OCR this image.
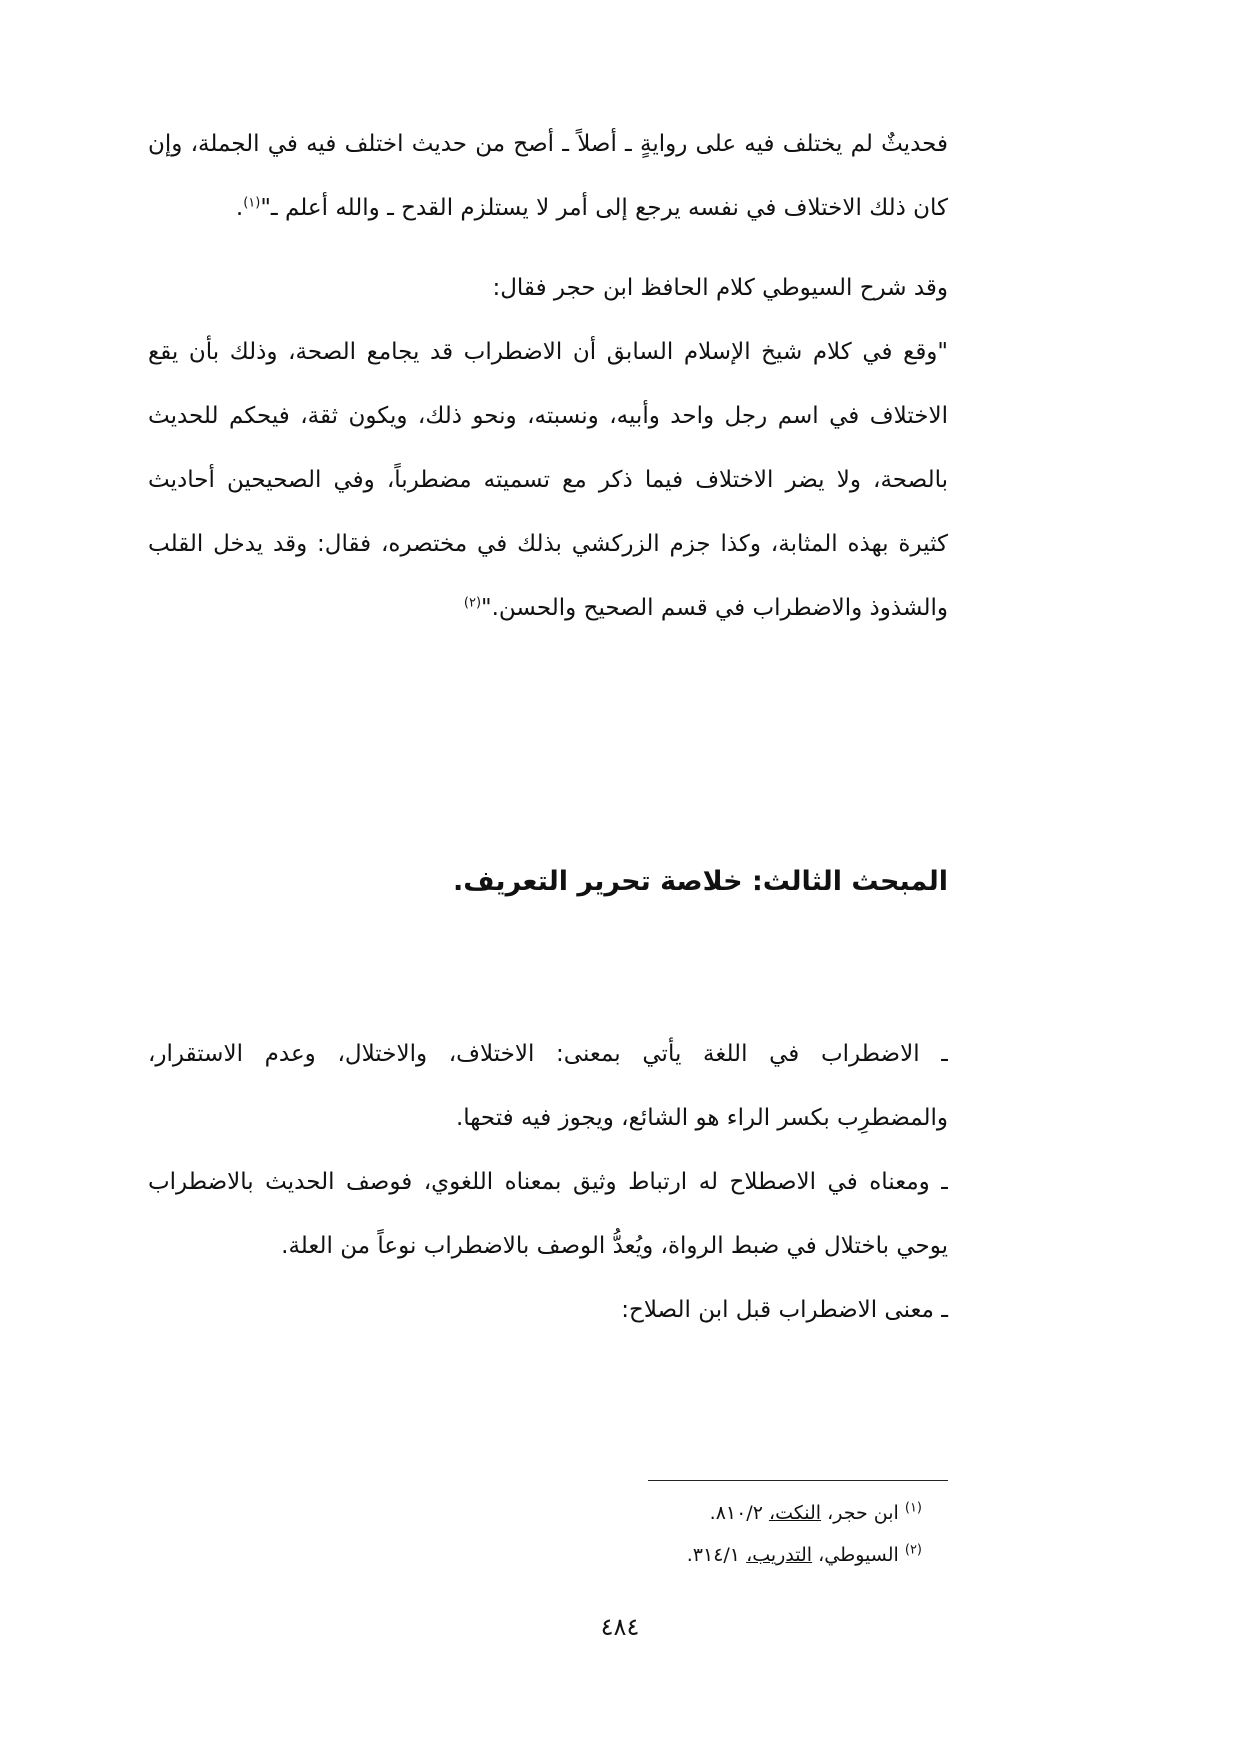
فحديثٌ لم يختلف فيه على روايةٍ ـ أصلاً ـ أصح من حديث اختلف فيه في الجملة، وإن
كان ذلك الاختلاف في نفسه يرجع إلى أمر لا يستلزم القدح ـ والله أعلم ـ"$^{(١)}$.
وقد شرح السيوطي كلام الحافظ ابن حجر فقال:
"وقع في كلام شيخ الإسلام السابق أن الاضطراب قد يجامع الصحة، وذلك بأن يقع
الاختلاف في اسم رجل واحد وأبيه، ونسبته، ونحو ذلك، ويكون ثقة، فيحكم للحديث
بالصحة، ولا يضر الاختلاف فيما ذكر مع تسميته مضطرباً، وفي الصحيحين أحاديث
كثيرة بهذه المثابة، وكذا جزم الزركشي بذلك في مختصره، فقال: وقد يدخل القلب
والشذوذ والاضطراب في قسم الصحيح والحسن."$^{(٢)}$
المبحث الثالث: خلاصة تحرير التعريف.
ـ الاضطراب في اللغة يأتي بمعنى: الاختلاف، والاختلال، وعدم الاستقرار،
والمضطرِب بكسر الراء هو الشائع، ويجوز فيه فتحها.
ـ ومعناه في الاصطلاح له ارتباط وثيق بمعناه اللغوي، فوصف الحديث بالاضطراب
يوحي باختلال في ضبط الرواة، ويُعدُّ الوصف بالاضطراب نوعاً من العلة.
ـ معنى الاضطراب قبل ابن الصلاح:
$^{(١)}$ ابن حجر، النكت، ٨١٠/٢.
$^{(٢)}$ السيوطي، التدريب، ٣١٤/١.
٤٨٤
